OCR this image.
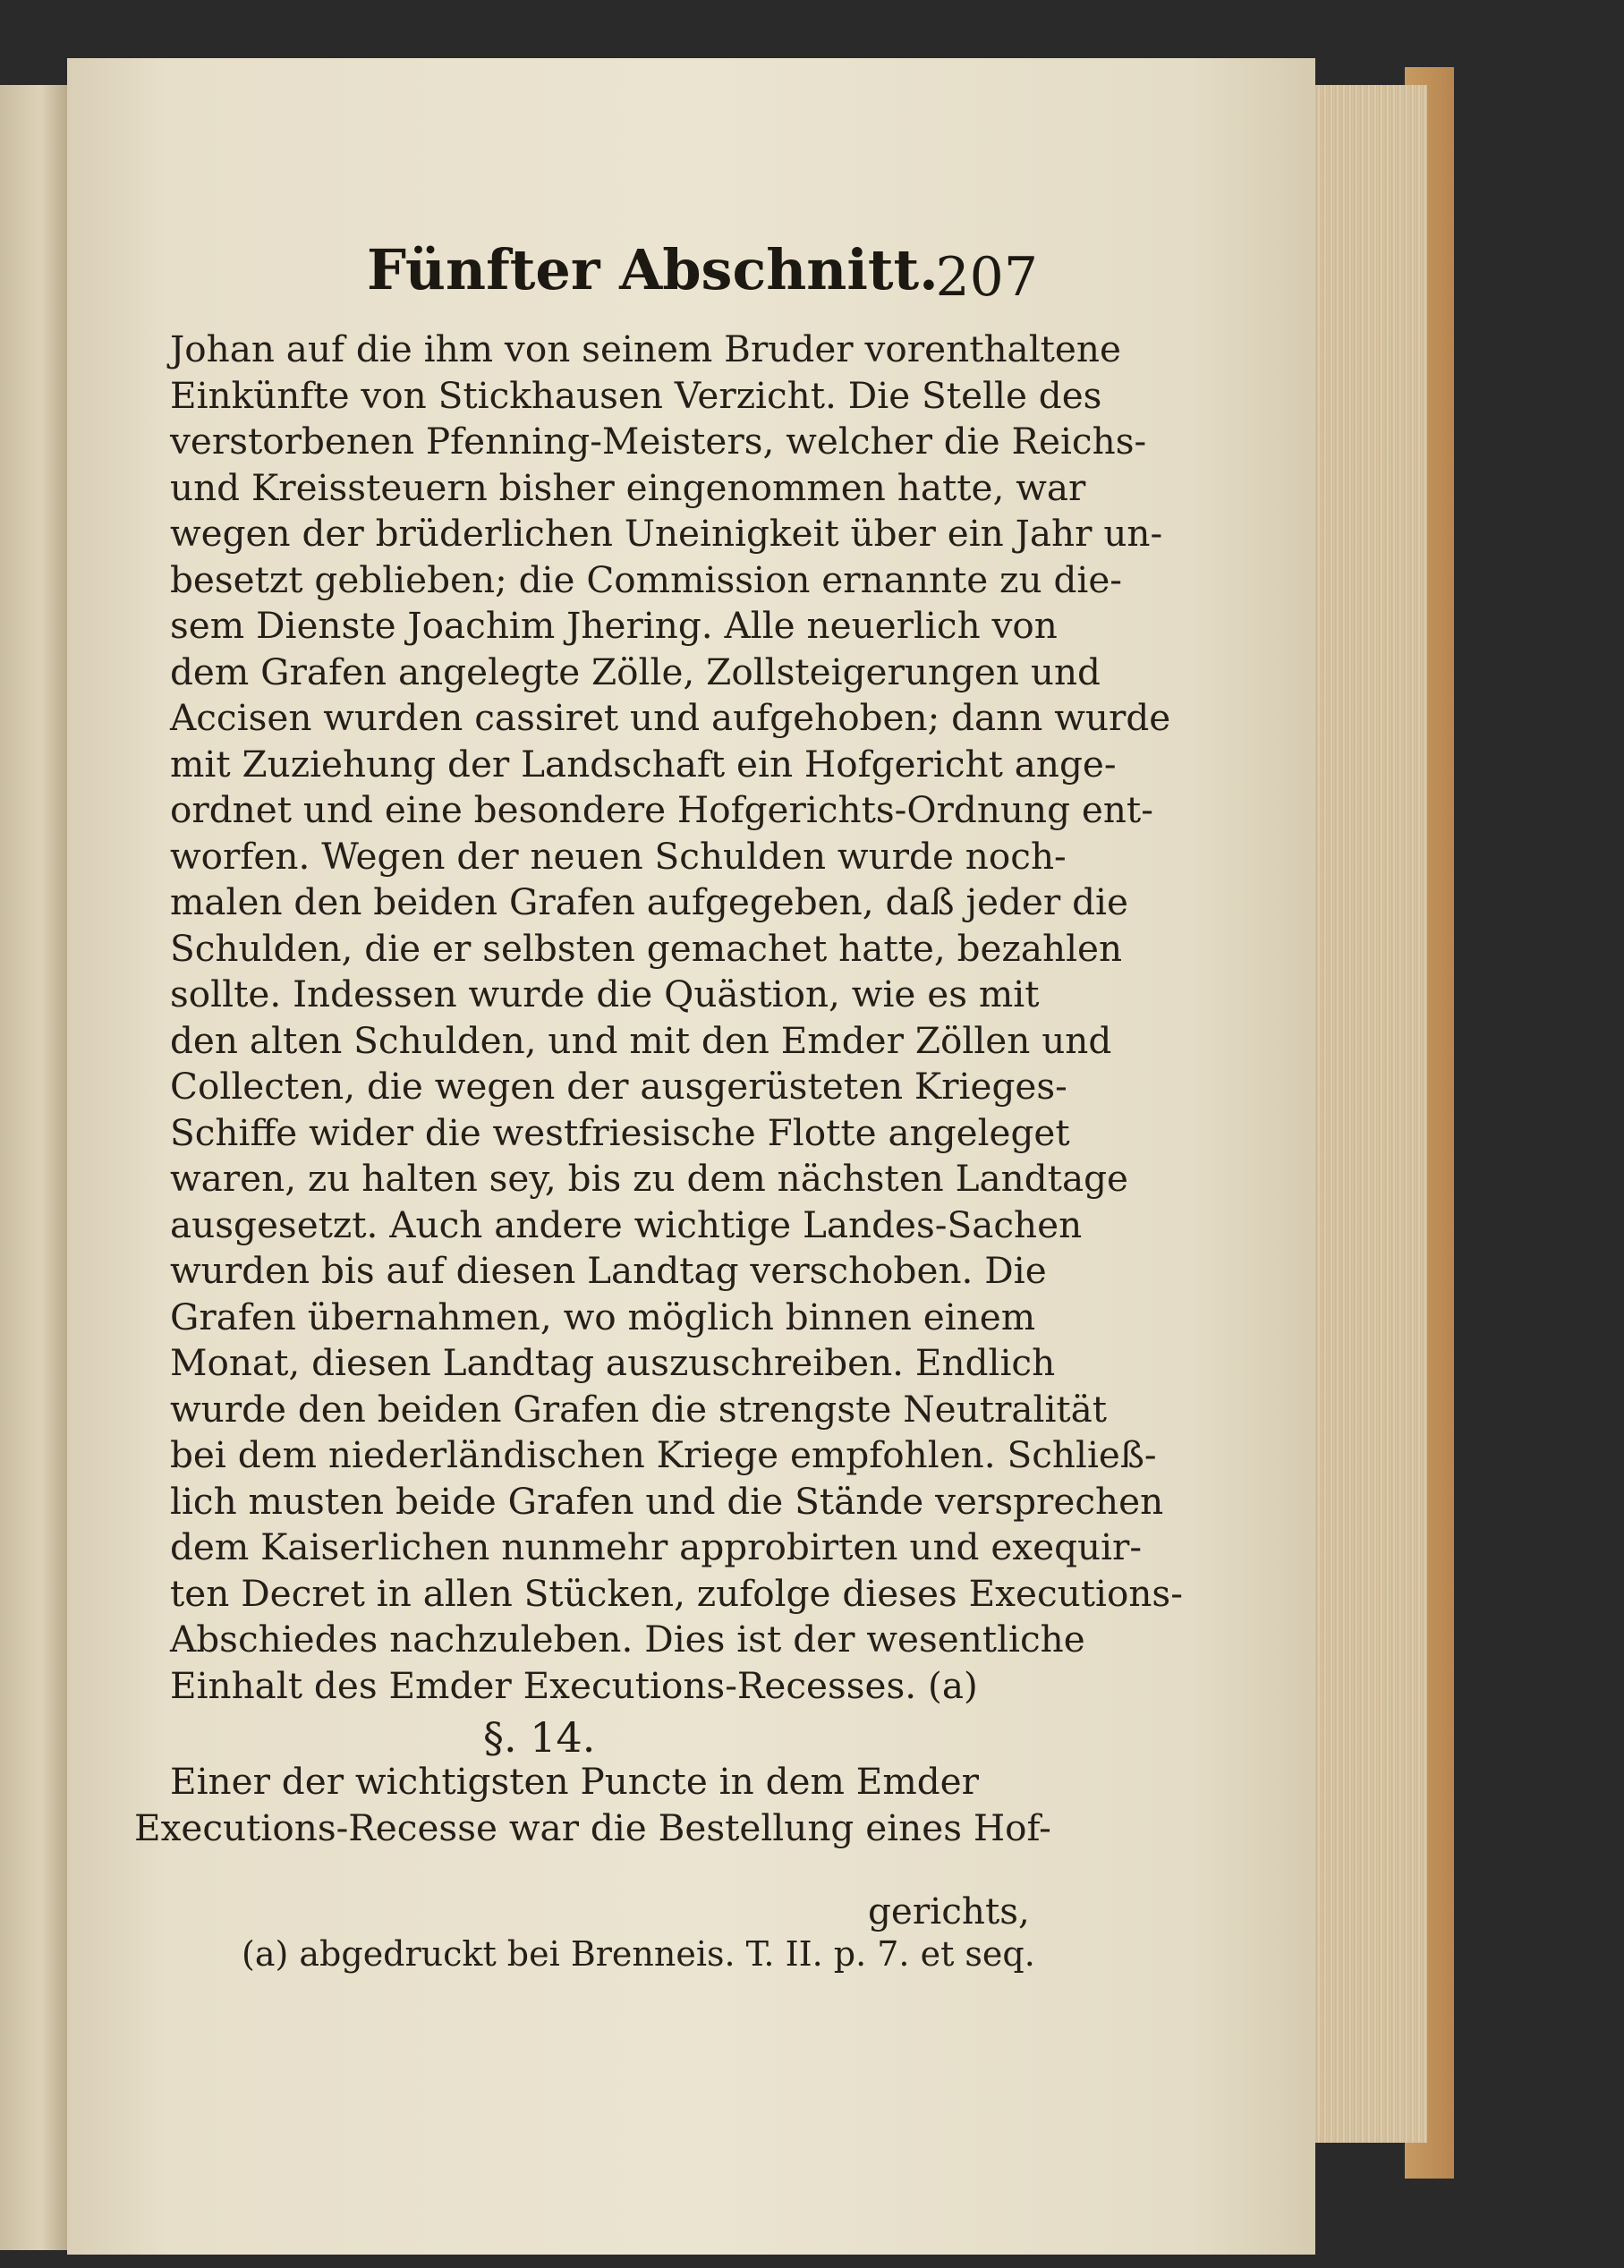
Fünfter Abschnitt.
207
Johan auf die ihm von seinem Bruder vorenthaltene
Einkünfte von Stickhausen Verzicht. Die Stelle des
verstorbenen Pfenning-Meisters, welcher die Reichs-
und Kreissteuern bisher eingenommen hatte, war
wegen der brüderlichen Uneinigkeit über ein Jahr un-
besetzt geblieben; die Commission ernannte zu die-
sem Dienste Joachim Jhering. Alle neuerlich von
dem Grafen angelegte Zölle, Zollsteigerungen und
Accisen wurden cassiret und aufgehoben; dann wurde
mit Zuziehung der Landschaft ein Hofgericht ange-
ordnet und eine besondere Hofgerichts-Ordnung ent-
worfen. Wegen der neuen Schulden wurde noch-
malen den beiden Grafen aufgegeben, daß jeder die
Schulden, die er selbsten gemachet hatte, bezahlen
sollte. Indessen wurde die Quästion, wie es mit
den alten Schulden, und mit den Emder Zöllen und
Collecten, die wegen der ausgerüsteten Krieges-
Schiffe wider die westfriesische Flotte angeleget
waren, zu halten sey, bis zu dem nächsten Landtage
ausgesetzt. Auch andere wichtige Landes-Sachen
wurden bis auf diesen Landtag verschoben. Die
Grafen übernahmen, wo möglich binnen einem
Monat, diesen Landtag auszuschreiben. Endlich
wurde den beiden Grafen die strengste Neutralität
bei dem niederländischen Kriege empfohlen. Schließ-
lich musten beide Grafen und die Stände versprechen
dem Kaiserlichen nunmehr approbirten und exequir-
ten Decret in allen Stücken, zufolge dieses Executions-
Abschiedes nachzuleben. Dies ist der wesentliche
Einhalt des Emder Executions-Recesses. (a)
§. 14.
Einer der wichtigsten Puncte in dem Emder
Executions-Recesse war die Bestellung eines Hof-
gerichts,
(a) abgedruckt bei Brenneis. T. II. p. 7. et seq.
